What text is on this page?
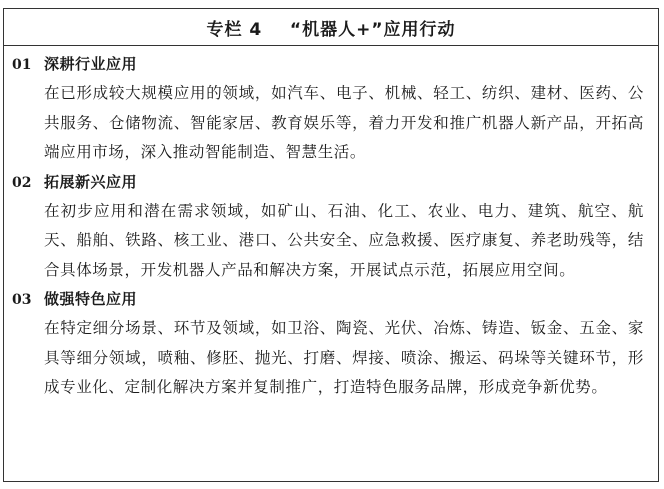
专栏 4    “机器人+”应用行动
01 深耕行业应用

在已形成较大规模应用的领域，如汽车、电子、机械、轻工、纺织、建材、医药、公共服务、仓储物流、智能家居、教育娱乐等，着力开发和推广机器人新产品，开拓高端应用市场，深入推动智能制造、智慧生活。

02 拓展新兴应用

在初步应用和潜在需求领域，如矿山、石油、化工、农业、电力、建筑、航空、航天、船舶、铁路、核工业、港口、公共安全、应急救援、医疗康复、养老助残等，结合具体场景，开发机器人产品和解决方案，开展试点示范，拓展应用空间。

03 做强特色应用

在特定细分场景、环节及领域，如卫浴、陶瓷、光伏、冶炼、铸造、钣金、五金、家具等细分领域，喷釉、修胚、抛光、打磨、焊接、喷涂、搬运、码垛等关键环节，形成专业化、定制化解决方案并复制推广，打造特色服务品牌，形成竞争新优势。
